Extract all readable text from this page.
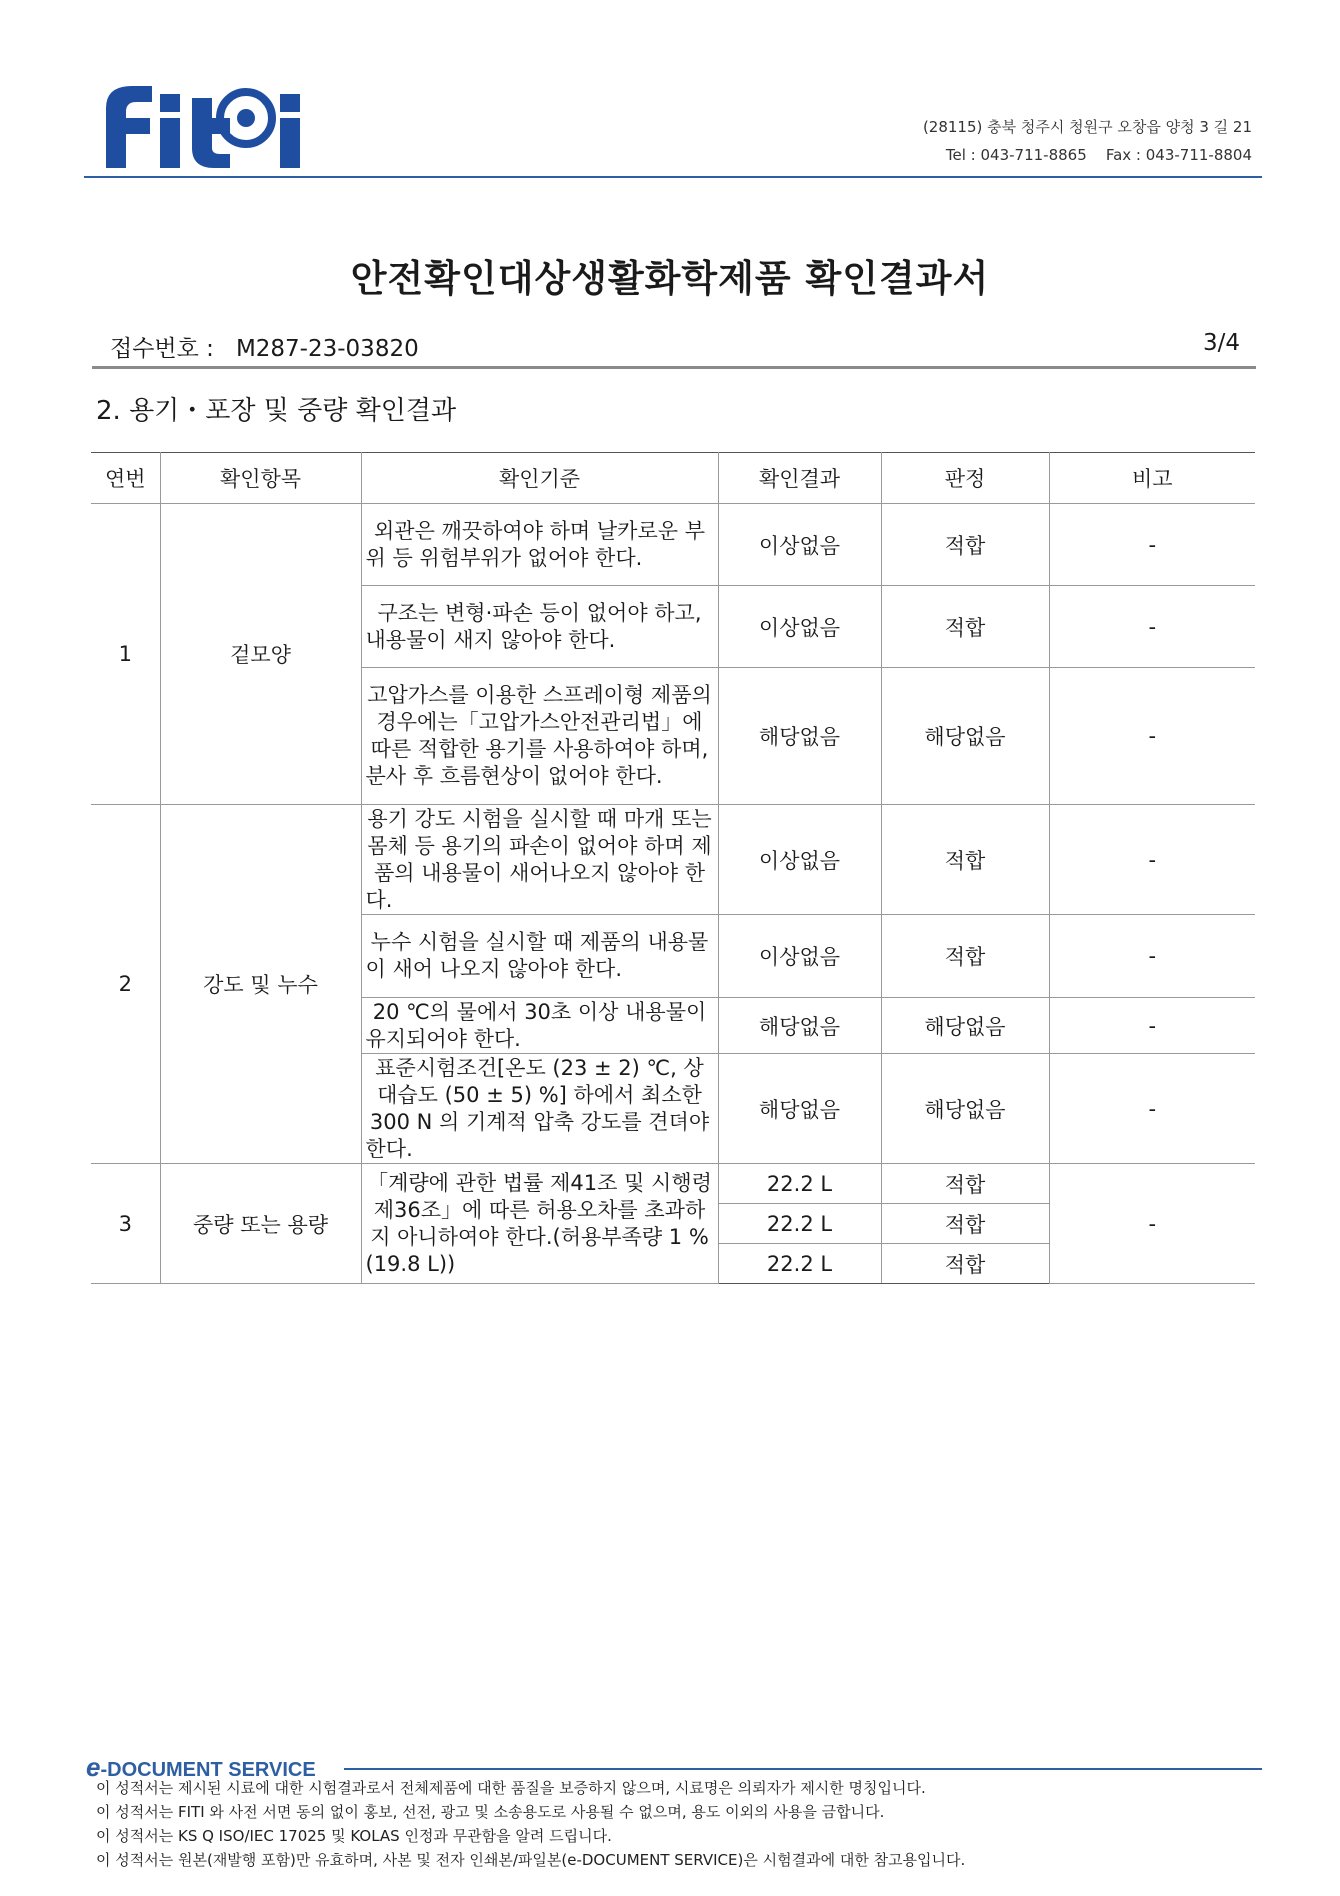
(28115) 충북 청주시 청원구 오창읍 양청 3 길 21
Tel : 043-711-8865    Fax : 043-711-8804
안전확인대상생활화학제품 확인결과서
접수번호 : M287-23-03820	3/4
2. 용기・포장 및 중량 확인결과
연번	확인항목	확인기준	확인결과	판정	비고
1	겉모양	외관은 깨끗하여야 하며 날카로운 부위 등 위험부위가 없어야 한다.	이상없음	적합	-
		구조는 변형·파손 등이 없어야 하고, 내용물이 새지 않아야 한다.	이상없음	적합	-
		고압가스를 이용한 스프레이형 제품의 경우에는「고압가스안전관리법」에 따른 적합한 용기를 사용하여야 하며, 분사 후 흐름현상이 없어야 한다.	해당없음	해당없음	-
2	강도 및 누수	용기 강도 시험을 실시할 때 마개 또는 몸체 등 용기의 파손이 없어야 하며 제품의 내용물이 새어나오지 않아야 한다.	이상없음	적합	-
		누수 시험을 실시할 때 제품의 내용물이 새어 나오지 않아야 한다.	이상없음	적합	-
		20 ℃의 물에서 30초 이상 내용물이 유지되어야 한다.	해당없음	해당없음	-
		표준시험조건[온도 (23 ± 2) ℃, 상대습도 (50 ± 5) %] 하에서 최소한 300 N 의 기계적 압축 강도를 견뎌야 한다.	해당없음	해당없음	-
3	중량 또는 용량	「계량에 관한 법률 제41조 및 시행령 제36조」에 따른 허용오차를 초과하지 아니하여야 한다.(허용부족량 1 %(19.8 L))	22.2 L	적합	-
			22.2 L	적합	
			22.2 L	적합	
e-DOCUMENT SERVICE
이 성적서는 제시된 시료에 대한 시험결과로서 전체제품에 대한 품질을 보증하지 않으며, 시료명은 의뢰자가 제시한 명칭입니다.
이 성적서는 FITI 와 사전 서면 동의 없이 홍보, 선전, 광고 및 소송용도로 사용될 수 없으며, 용도 이외의 사용을 금합니다.
이 성적서는 KS Q ISO/IEC 17025 및 KOLAS 인정과 무관함을 알려 드립니다.
이 성적서는 원본(재발행 포함)만 유효하며, 사본 및 전자 인쇄본/파일본(e-DOCUMENT SERVICE)은 시험결과에 대한 참고용입니다.
